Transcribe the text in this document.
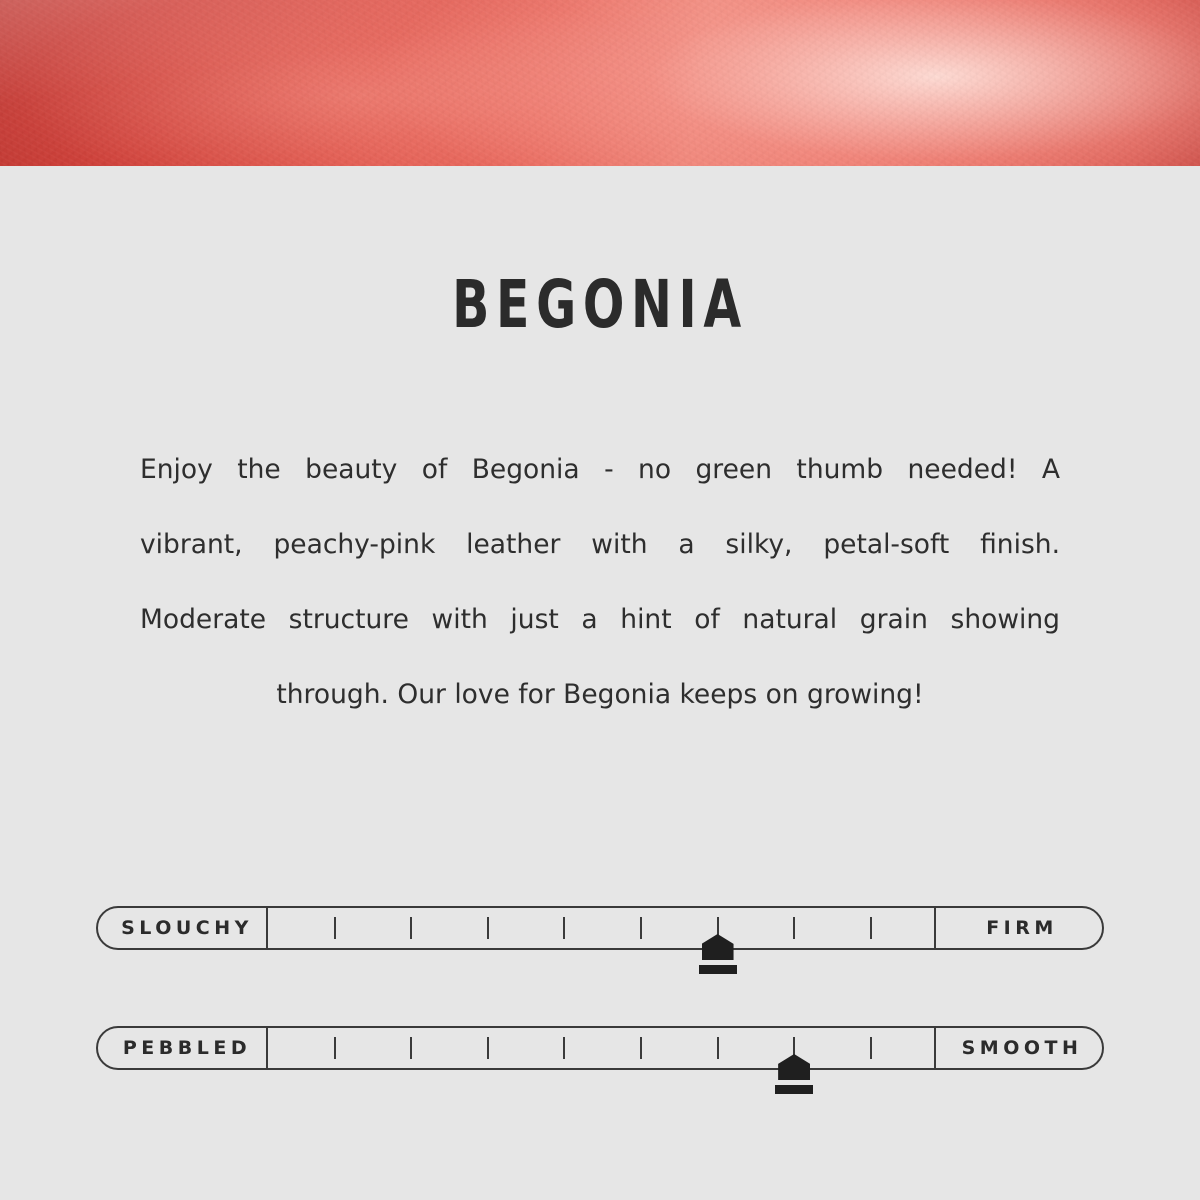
BEGONIA
Enjoy the beauty of Begonia - no green thumb needed! A
vibrant, peachy-pink leather with a silky, petal-soft finish.
Moderate structure with just a hint of natural grain showing
through. Our love for Begonia keeps on growing!
SLOUCHY	FIRM
PEBBLED	SMOOTH
